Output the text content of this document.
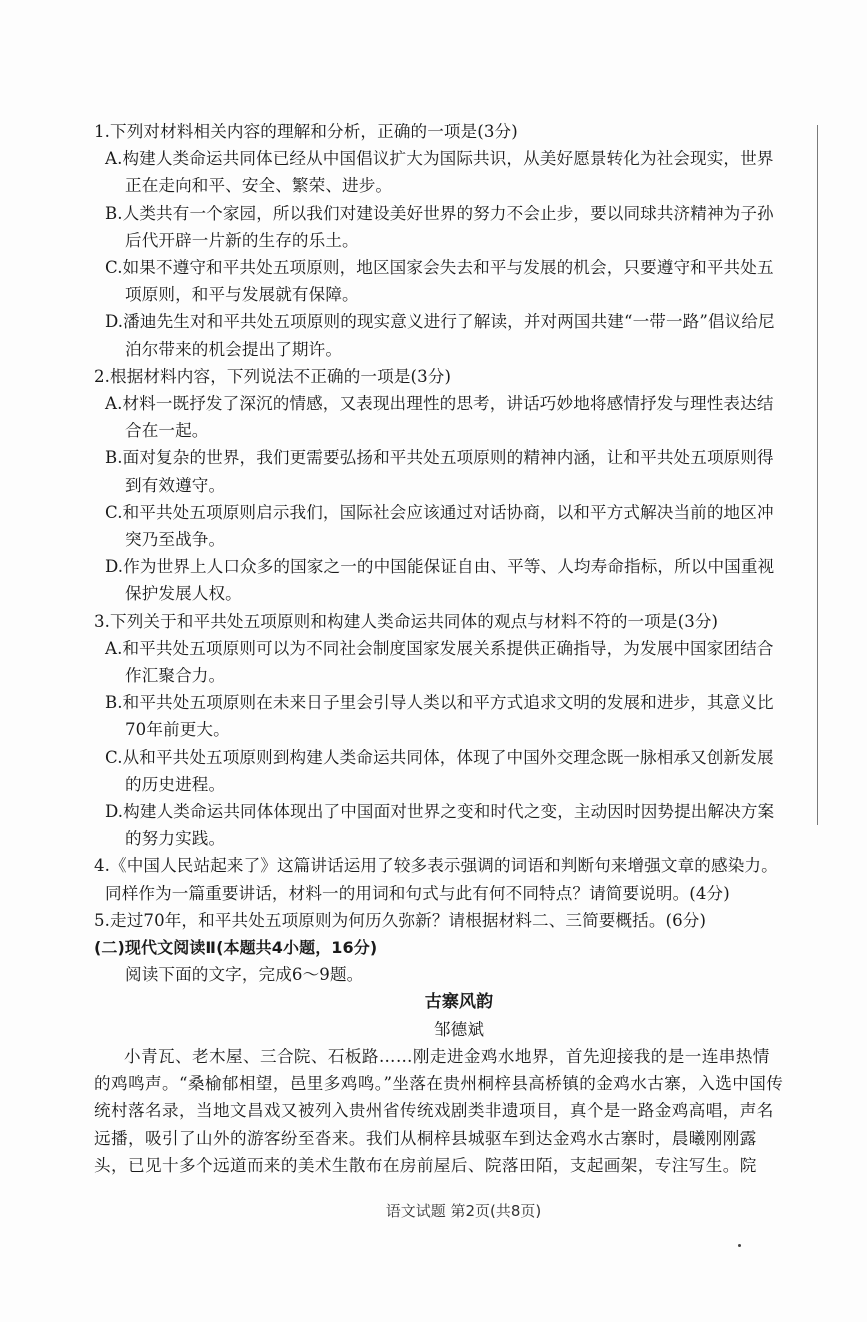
1.下列对材料相关内容的理解和分析，正确的一项是(3分)

A.构建人类命运共同体已经从中国倡议扩大为国际共识，从美好愿景转化为社会现实，世界正在走向和平、安全、繁荣、进步。

B.人类共有一个家园，所以我们对建设美好世界的努力不会止步，要以同球共济精神为子孙后代开辟一片新的生存的乐土。

C.如果不遵守和平共处五项原则，地区国家会失去和平与发展的机会，只要遵守和平共处五项原则，和平与发展就有保障。

D.潘迪先生对和平共处五项原则的现实意义进行了解读，并对两国共建“一带一路”倡议给尼泊尔带来的机会提出了期许。

2.根据材料内容，下列说法不正确的一项是(3分)

A.材料一既抒发了深沉的情感，又表现出理性的思考，讲话巧妙地将感情抒发与理性表达结合在一起。

B.面对复杂的世界，我们更需要弘扬和平共处五项原则的精神内涵，让和平共处五项原则得到有效遵守。

C.和平共处五项原则启示我们，国际社会应该通过对话协商，以和平方式解决当前的地区冲突乃至战争。

D.作为世界上人口众多的国家之一的中国能保证自由、平等、人均寿命指标，所以中国重视保护发展人权。

3.下列关于和平共处五项原则和构建人类命运共同体的观点与材料不符的一项是(3分)

A.和平共处五项原则可以为不同社会制度国家发展关系提供正确指导，为发展中国家团结合作汇聚合力。

B.和平共处五项原则在未来日子里会引导人类以和平方式追求文明的发展和进步，其意义比70年前更大。

C.从和平共处五项原则到构建人类命运共同体，体现了中国外交理念既一脉相承又创新发展的历史进程。

D.构建人类命运共同体体现出了中国面对世界之变和时代之变，主动因时因势提出解决方案的努力实践。

4.《中国人民站起来了》这篇讲话运用了较多表示强调的词语和判断句来增强文章的感染力。同样作为一篇重要讲话，材料一的用词和句式与此有何不同特点？请简要说明。(4分)

5.走过70年，和平共处五项原则为何历久弥新？请根据材料二、三简要概括。(6分)

(二)现代文阅读Ⅱ(本题共4小题，16分)

阅读下面的文字，完成6～9题。

古寨风韵

邹德斌

小青瓦、老木屋、三合院、石板路……刚走进金鸡水地界，首先迎接我的是一连串热情的鸡鸣声。“桑榆郁相望，邑里多鸡鸣。”坐落在贵州桐梓县高桥镇的金鸡水古寨，入选中国传统村落名录，当地文昌戏又被列入贵州省传统戏剧类非遗项目，真个是一路金鸡高唱，声名远播，吸引了山外的游客纷至沓来。我们从桐梓县城驱车到达金鸡水古寨时，晨曦刚刚露头，已见十多个远道而来的美术生散布在房前屋后、院落田陌，支起画架，专注写生。院

语文试题 第2页(共8页)
